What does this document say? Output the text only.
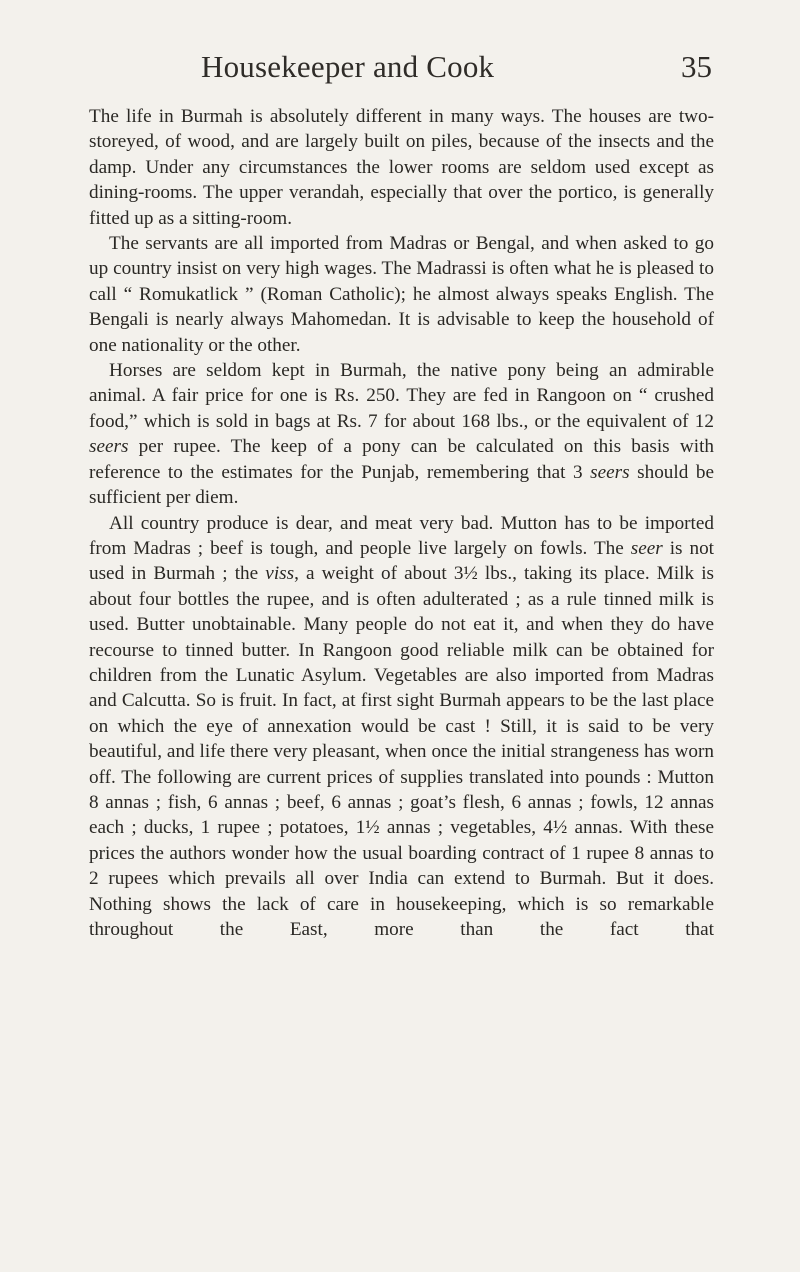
Housekeeper and Cook	35

The life in Burmah is absolutely different in many ways. The houses are two-storeyed, of wood, and are largely built on piles, because of the insects and the damp. Under any circumstances the lower rooms are seldom used except as dining-rooms. The upper verandah, especially that over the portico, is generally fitted up as a sitting-room.

The servants are all imported from Madras or Bengal, and when asked to go up country insist on very high wages. The Madrassi is often what he is pleased to call “ Romukatlick ” (Roman Catholic); he almost always speaks English. The Bengali is nearly always Mahomedan. It is advisable to keep the household of one nationality or the other.

Horses are seldom kept in Burmah, the native pony being an admirable animal. A fair price for one is Rs. 250. They are fed in Rangoon on “ crushed food,” which is sold in bags at Rs. 7 for about 168 lbs., or the equivalent of 12 seers per rupee. The keep of a pony can be calculated on this basis with reference to the estimates for the Punjab, remembering that 3 seers should be sufficient per diem.

All country produce is dear, and meat very bad. Mutton has to be imported from Madras ; beef is tough, and people live largely on fowls. The seer is not used in Burmah ; the viss, a weight of about 3½ lbs., taking its place. Milk is about four bottles the rupee, and is often adulterated ; as a rule tinned milk is used. Butter unobtainable. Many people do not eat it, and when they do have recourse to tinned butter. In Rangoon good reliable milk can be obtained for children from the Lunatic Asylum. Vegetables are also imported from Madras and Calcutta. So is fruit. In fact, at first sight Burmah appears to be the last place on which the eye of annexation would be cast ! Still, it is said to be very beautiful, and life there very pleasant, when once the initial strangeness has worn off. The following are current prices of supplies translated into pounds : Mutton 8 annas ; fish, 6 annas ; beef, 6 annas ; goat’s flesh, 6 annas ; fowls, 12 annas each ; ducks, 1 rupee ; potatoes, 1½ annas ; vegetables, 4½ annas. With these prices the authors wonder how the usual boarding contract of 1 rupee 8 annas to 2 rupees which prevails all over India can extend to Burmah. But it does. Nothing shows the lack of care in housekeeping, which is so remarkable throughout the East, more than the fact that
